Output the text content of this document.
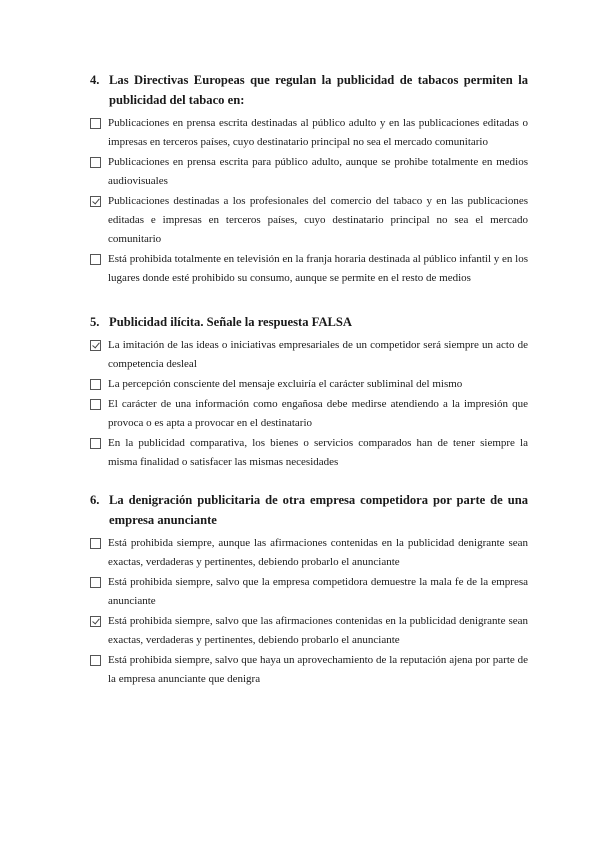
4. Las Directivas Europeas que regulan la publicidad de tabacos permiten la publicidad del tabaco en:
Publicaciones en prensa escrita destinadas al público adulto y en las publicaciones editadas o impresas en terceros países, cuyo destinatario principal no sea el mercado comunitario
Publicaciones en prensa escrita para público adulto, aunque se prohibe totalmente en medios audiovisuales
Publicaciones destinadas a los profesionales del comercio del tabaco y en las publicaciones editadas e impresas en terceros países, cuyo destinatario principal no sea el mercado comunitario
Está prohibida totalmente en televisión en la franja horaria destinada al público infantil y en los lugares donde esté prohibido su consumo, aunque se permite en el resto de medios
5. Publicidad ilícita. Señale la respuesta FALSA
La imitación de las ideas o iniciativas empresariales de un competidor será siempre un acto de competencia desleal
La percepción consciente del mensaje excluiría el carácter subliminal del mismo
El carácter de una información como engañosa debe medirse atendiendo a la impresión que provoca o es apta a provocar en el destinatario
En la publicidad comparativa, los bienes o servicios comparados han de tener siempre la misma finalidad o satisfacer las mismas necesidades
6. La denigración publicitaria de otra empresa competidora por parte de una empresa anunciante
Está prohibida siempre, aunque las afirmaciones contenidas en la publicidad denigrante sean exactas, verdaderas y pertinentes, debiendo probarlo el anunciante
Está prohibida siempre, salvo que la empresa competidora demuestre la mala fe de la empresa anunciante
Está prohibida siempre, salvo que las afirmaciones contenidas en la publicidad denigrante sean exactas, verdaderas y pertinentes, debiendo probarlo el anunciante
Está prohibida siempre, salvo que haya un aprovechamiento de la reputación ajena por parte de la empresa anunciante que denigra
